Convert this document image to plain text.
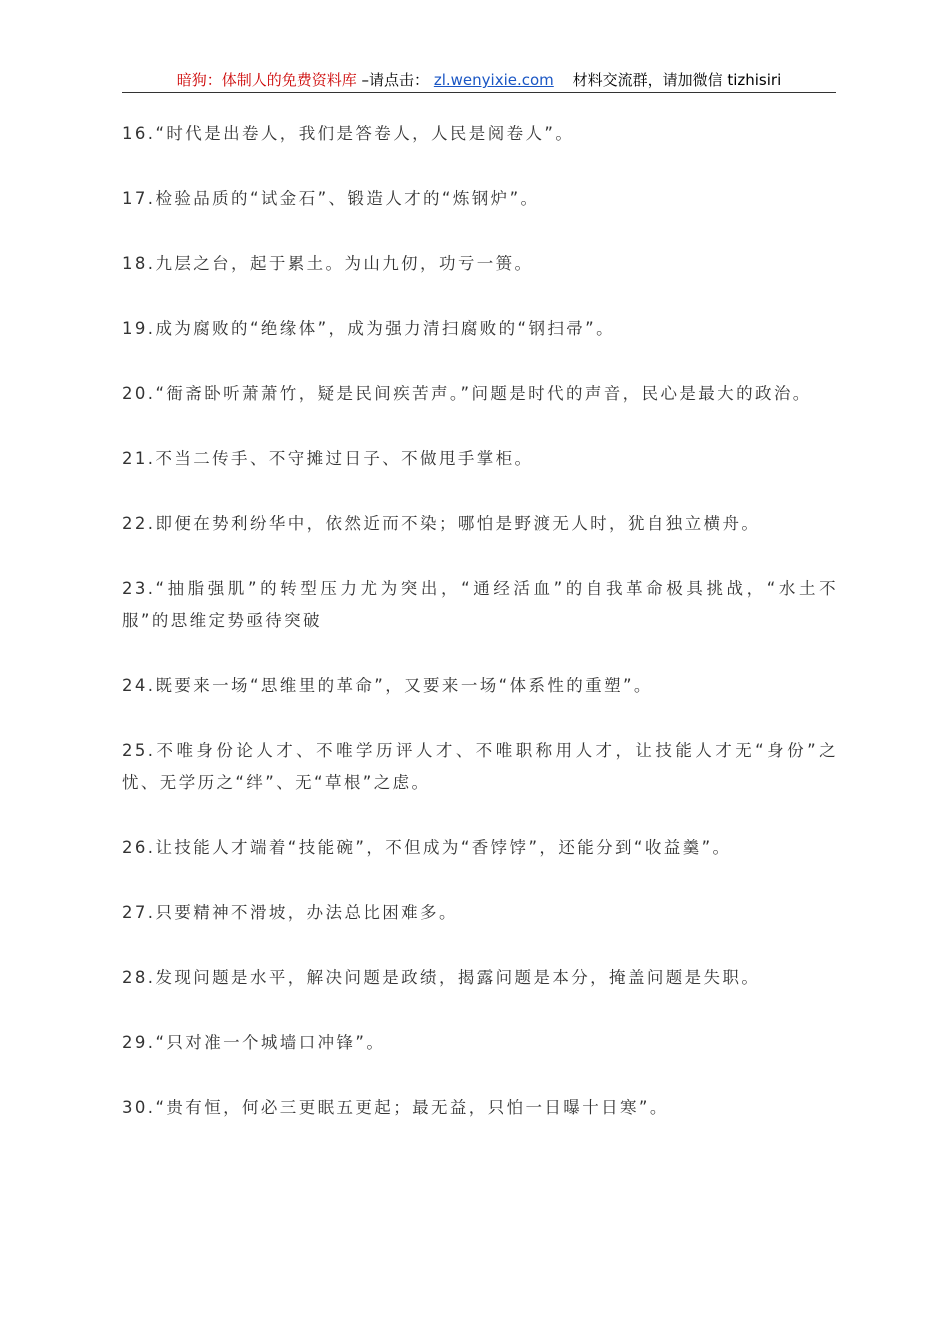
暗狗：体制人的免费资料库 –请点击： zl.wenyixie.com 材料交流群，请加微信 tizhisiri

16.“时代是出卷人，我们是答卷人，人民是阅卷人”。

17.检验品质的“试金石”、锻造人才的“炼钢炉”。

18.九层之台，起于累土。为山九仞，功亏一篑。

19.成为腐败的“绝缘体”，成为强力清扫腐败的“钢扫帚”。

20.“衙斋卧听萧萧竹，疑是民间疾苦声。”问题是时代的声音，民心是最大的政治。

21.不当二传手、不守摊过日子、不做甩手掌柜。

22.即便在势利纷华中，依然近而不染；哪怕是野渡无人时，犹自独立横舟。

23.“抽脂强肌”的转型压力尤为突出，“通经活血”的自我革命极具挑战，“水土不服”的思维定势亟待突破

24.既要来一场“思维里的革命”，又要来一场“体系性的重塑”。

25.不唯身份论人才、不唯学历评人才、不唯职称用人才，让技能人才无“身份”之忧、无学历之“绊”、无“草根”之虑。

26.让技能人才端着“技能碗”，不但成为“香饽饽”，还能分到“收益羹”。

27.只要精神不滑坡，办法总比困难多。

28.发现问题是水平，解决问题是政绩，揭露问题是本分，掩盖问题是失职。

29.“只对准一个城墙口冲锋”。

30.“贵有恒，何必三更眠五更起；最无益，只怕一日曝十日寒”。
